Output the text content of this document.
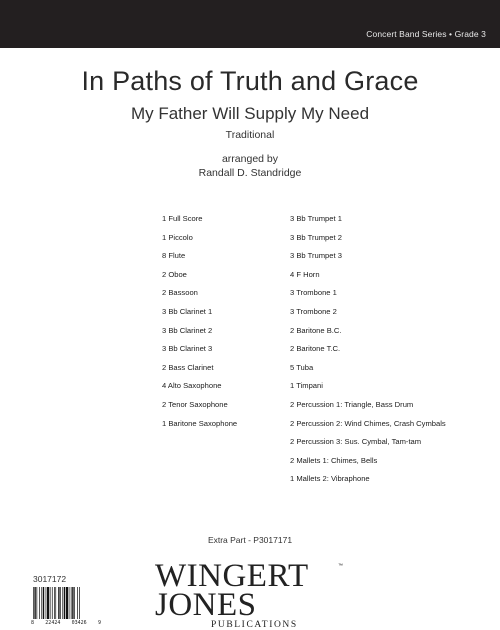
Concert Band Series • Grade 3
In Paths of Truth and Grace
My Father Will Supply My Need
Traditional
arranged by
Randall D. Standridge
1 Full Score
1 Piccolo
8 Flute
2 Oboe
2 Bassoon
3 Bb Clarinet 1
3 Bb Clarinet 2
3 Bb Clarinet 3
2 Bass Clarinet
4 Alto Saxophone
2 Tenor Saxophone
1 Baritone Saxophone
3 Bb Trumpet 1
3 Bb Trumpet 2
3 Bb Trumpet 3
4 F Horn
3 Trombone 1
3 Trombone 2
2 Baritone B.C.
2 Baritone T.C.
5 Tuba
1 Timpani
2 Percussion 1: Triangle, Bass Drum
2 Percussion 2: Wind Chimes, Crash Cymbals
2 Percussion 3: Sus. Cymbal, Tam-tam
2 Mallets 1: Chimes, Bells
1 Mallets 2: Vibraphone
Extra Part - P3017171
3017172
8 22424 03426 9
WINGERT	™
JONES
PUBLICATIONS
